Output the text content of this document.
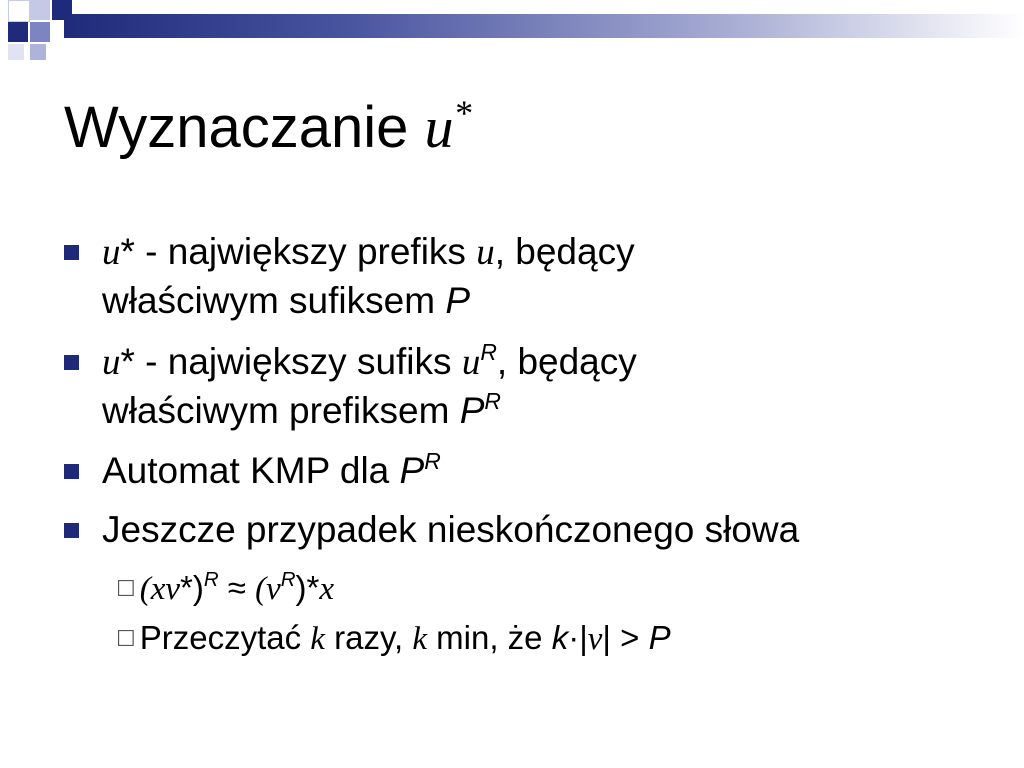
Wyznaczanie u*
u* - największy prefiks u, będący
właściwym sufiksem P
u* - największy sufiks $u^R$, będący
właściwym prefiksem $P^R$
Automat KMP dla $P^R$
Jeszcze przypadek nieskończonego słowa
☐ $(xv*)^R \approx (v^R)*x$
☐ Przeczytać k razy, k min, że k·|v| > P
